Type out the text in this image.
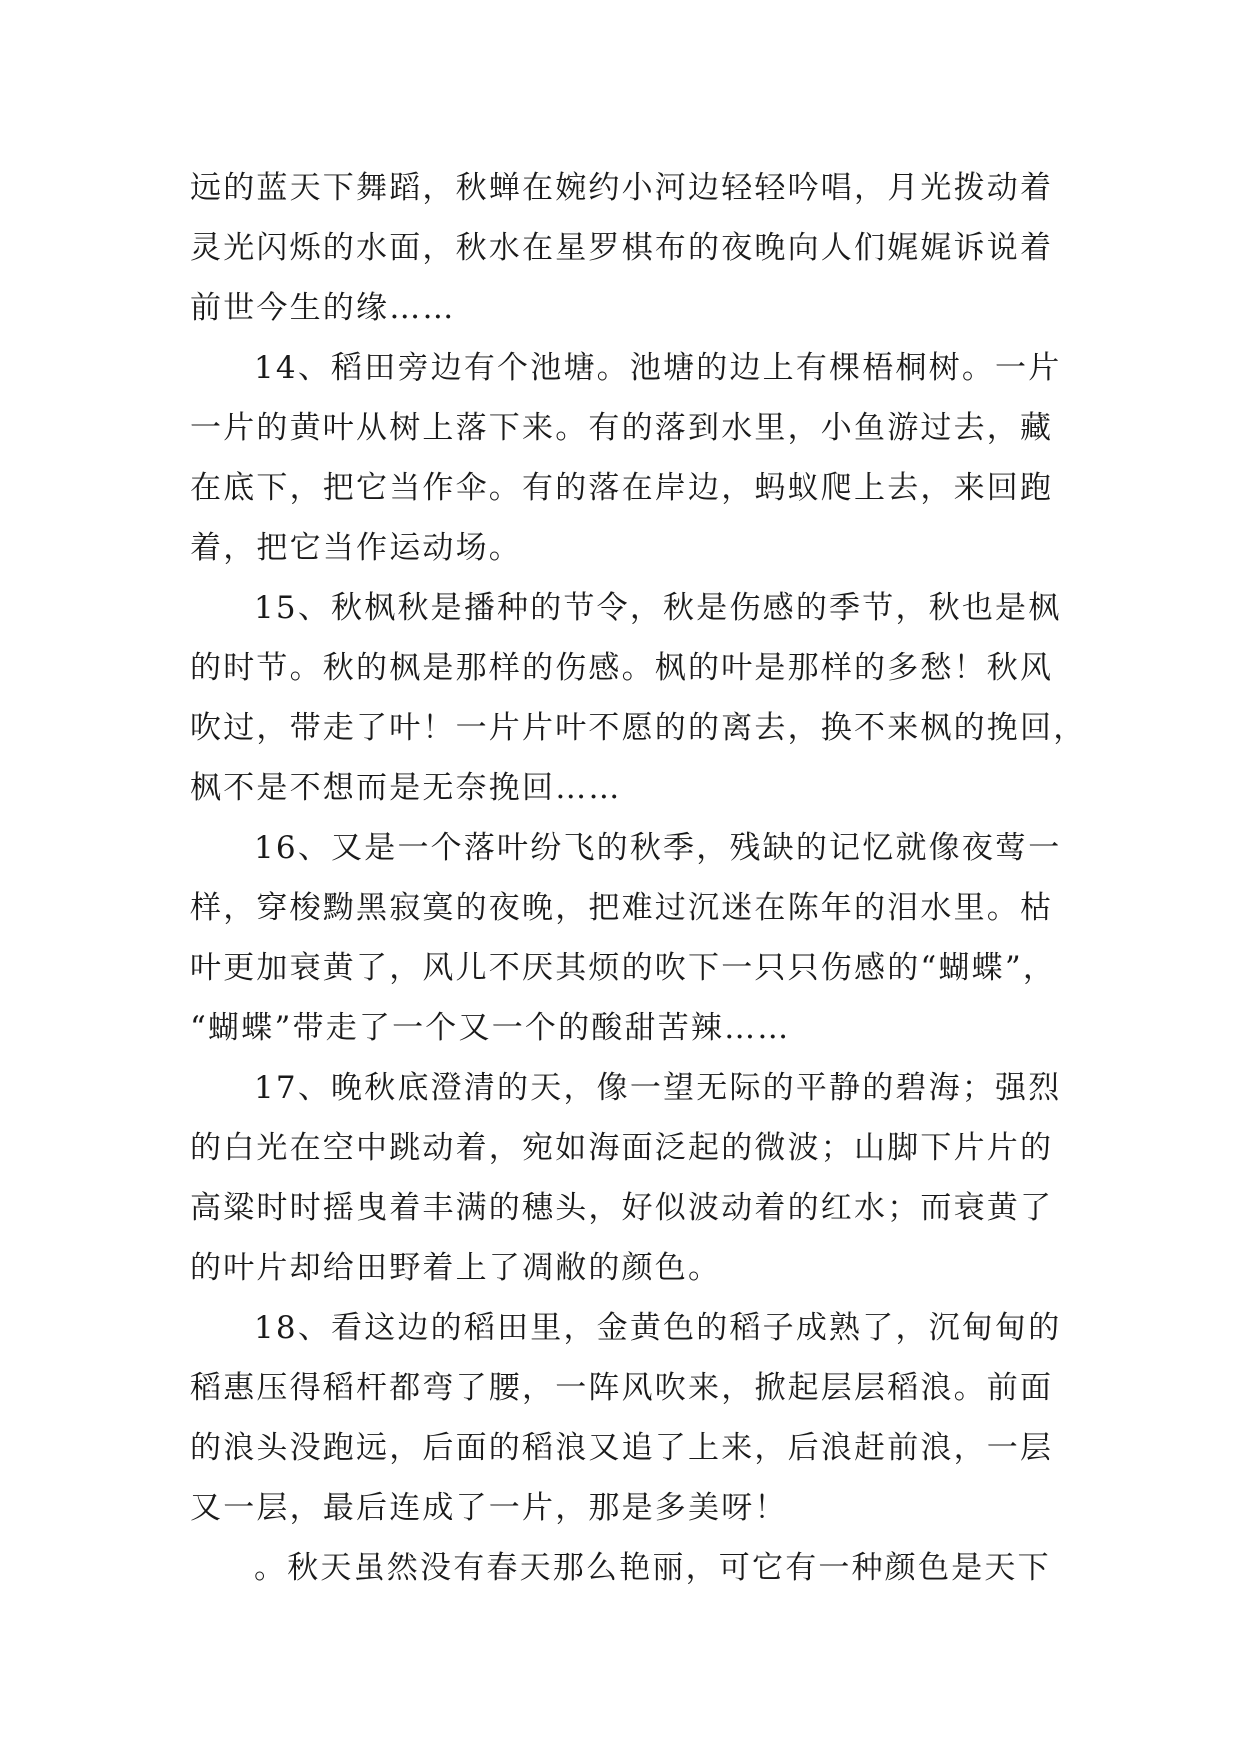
远的蓝天下舞蹈，秋蝉在婉约小河边轻轻吟唱，月光拨动着
灵光闪烁的水面，秋水在星罗棋布的夜晚向人们娓娓诉说着
前世今生的缘……

14、稻田旁边有个池塘。池塘的边上有棵梧桐树。一片
一片的黄叶从树上落下来。有的落到水里，小鱼游过去，藏
在底下，把它当作伞。有的落在岸边，蚂蚁爬上去，来回跑
着，把它当作运动场。

15、秋枫秋是播种的节令，秋是伤感的季节，秋也是枫
的时节。秋的枫是那样的伤感。枫的叶是那样的多愁！秋风
吹过，带走了叶！一片片叶不愿的的离去，换不来枫的挽回，
枫不是不想而是无奈挽回……

16、又是一个落叶纷飞的秋季，残缺的记忆就像夜莺一
样，穿梭黝黑寂寞的夜晚，把难过沉迷在陈年的泪水里。枯
叶更加衰黄了，风儿不厌其烦的吹下一只只伤感的“蝴蝶”，
“蝴蝶”带走了一个又一个的酸甜苦辣……

17、晚秋底澄清的天，像一望无际的平静的碧海；强烈
的白光在空中跳动着，宛如海面泛起的微波；山脚下片片的
高粱时时摇曳着丰满的穗头，好似波动着的红水；而衰黄了
的叶片却给田野着上了凋敝的颜色。

18、看这边的稻田里，金黄色的稻子成熟了，沉甸甸的
稻惠压得稻杆都弯了腰，一阵风吹来，掀起层层稻浪。前面
的浪头没跑远，后面的稻浪又追了上来，后浪赶前浪，一层
又一层，最后连成了一片，那是多美呀！

。秋天虽然没有春天那么艳丽，可它有一种颜色是天下
